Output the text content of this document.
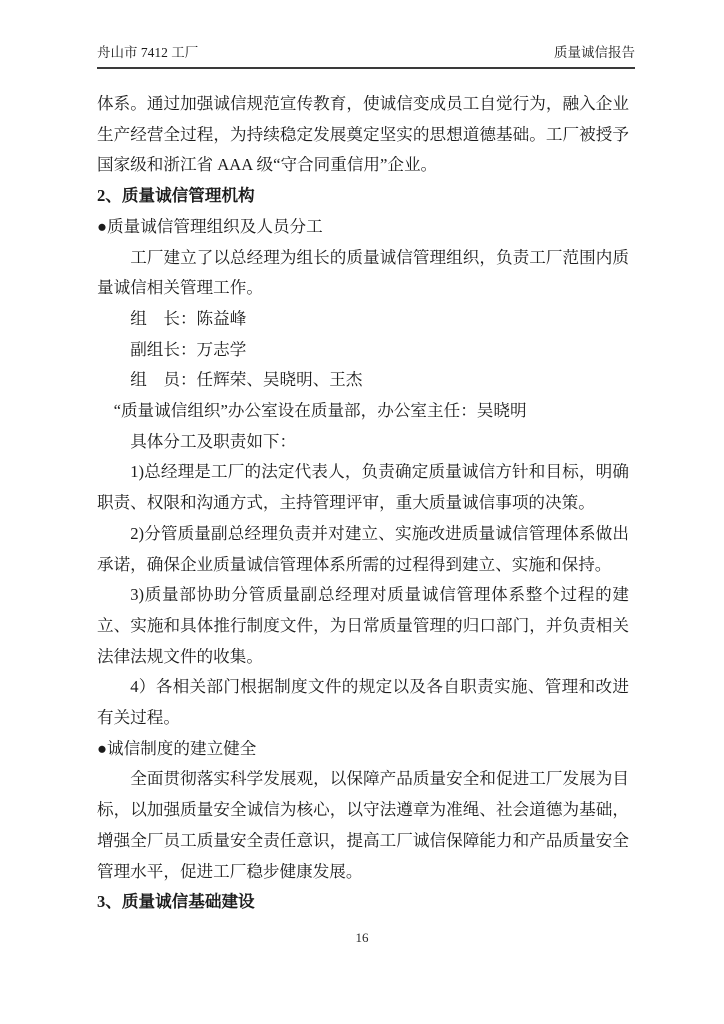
舟山市 7412 工厂	质量诚信报告

体系。通过加强诚信规范宣传教育，使诚信变成员工自觉行为，融入企业生产经营全过程，为持续稳定发展奠定坚实的思想道德基础。工厂被授予国家级和浙江省 AAA 级“守合同重信用”企业。

2、质量诚信管理机构

●质量诚信管理组织及人员分工

工厂建立了以总经理为组长的质量诚信管理组织，负责工厂范围内质量诚信相关管理工作。

组　长：陈益峰

副组长：万志学

组　员：任辉荣、吴晓明、王杰

“质量诚信组织”办公室设在质量部，办公室主任：吴晓明

具体分工及职责如下：

1)总经理是工厂的法定代表人，负责确定质量诚信方针和目标，明确职责、权限和沟通方式，主持管理评审，重大质量诚信事项的决策。

2)分管质量副总经理负责并对建立、实施改进质量诚信管理体系做出承诺，确保企业质量诚信管理体系所需的过程得到建立、实施和保持。

3)质量部协助分管质量副总经理对质量诚信管理体系整个过程的建立、实施和具体推行制度文件，为日常质量管理的归口部门，并负责相关法律法规文件的收集。

4）各相关部门根据制度文件的规定以及各自职责实施、管理和改进有关过程。

●诚信制度的建立健全

全面贯彻落实科学发展观，以保障产品质量安全和促进工厂发展为目标，以加强质量安全诚信为核心，以守法遵章为准绳、社会道德为基础，增强全厂员工质量安全责任意识，提高工厂诚信保障能力和产品质量安全管理水平，促进工厂稳步健康发展。

3、质量诚信基础建设

16
